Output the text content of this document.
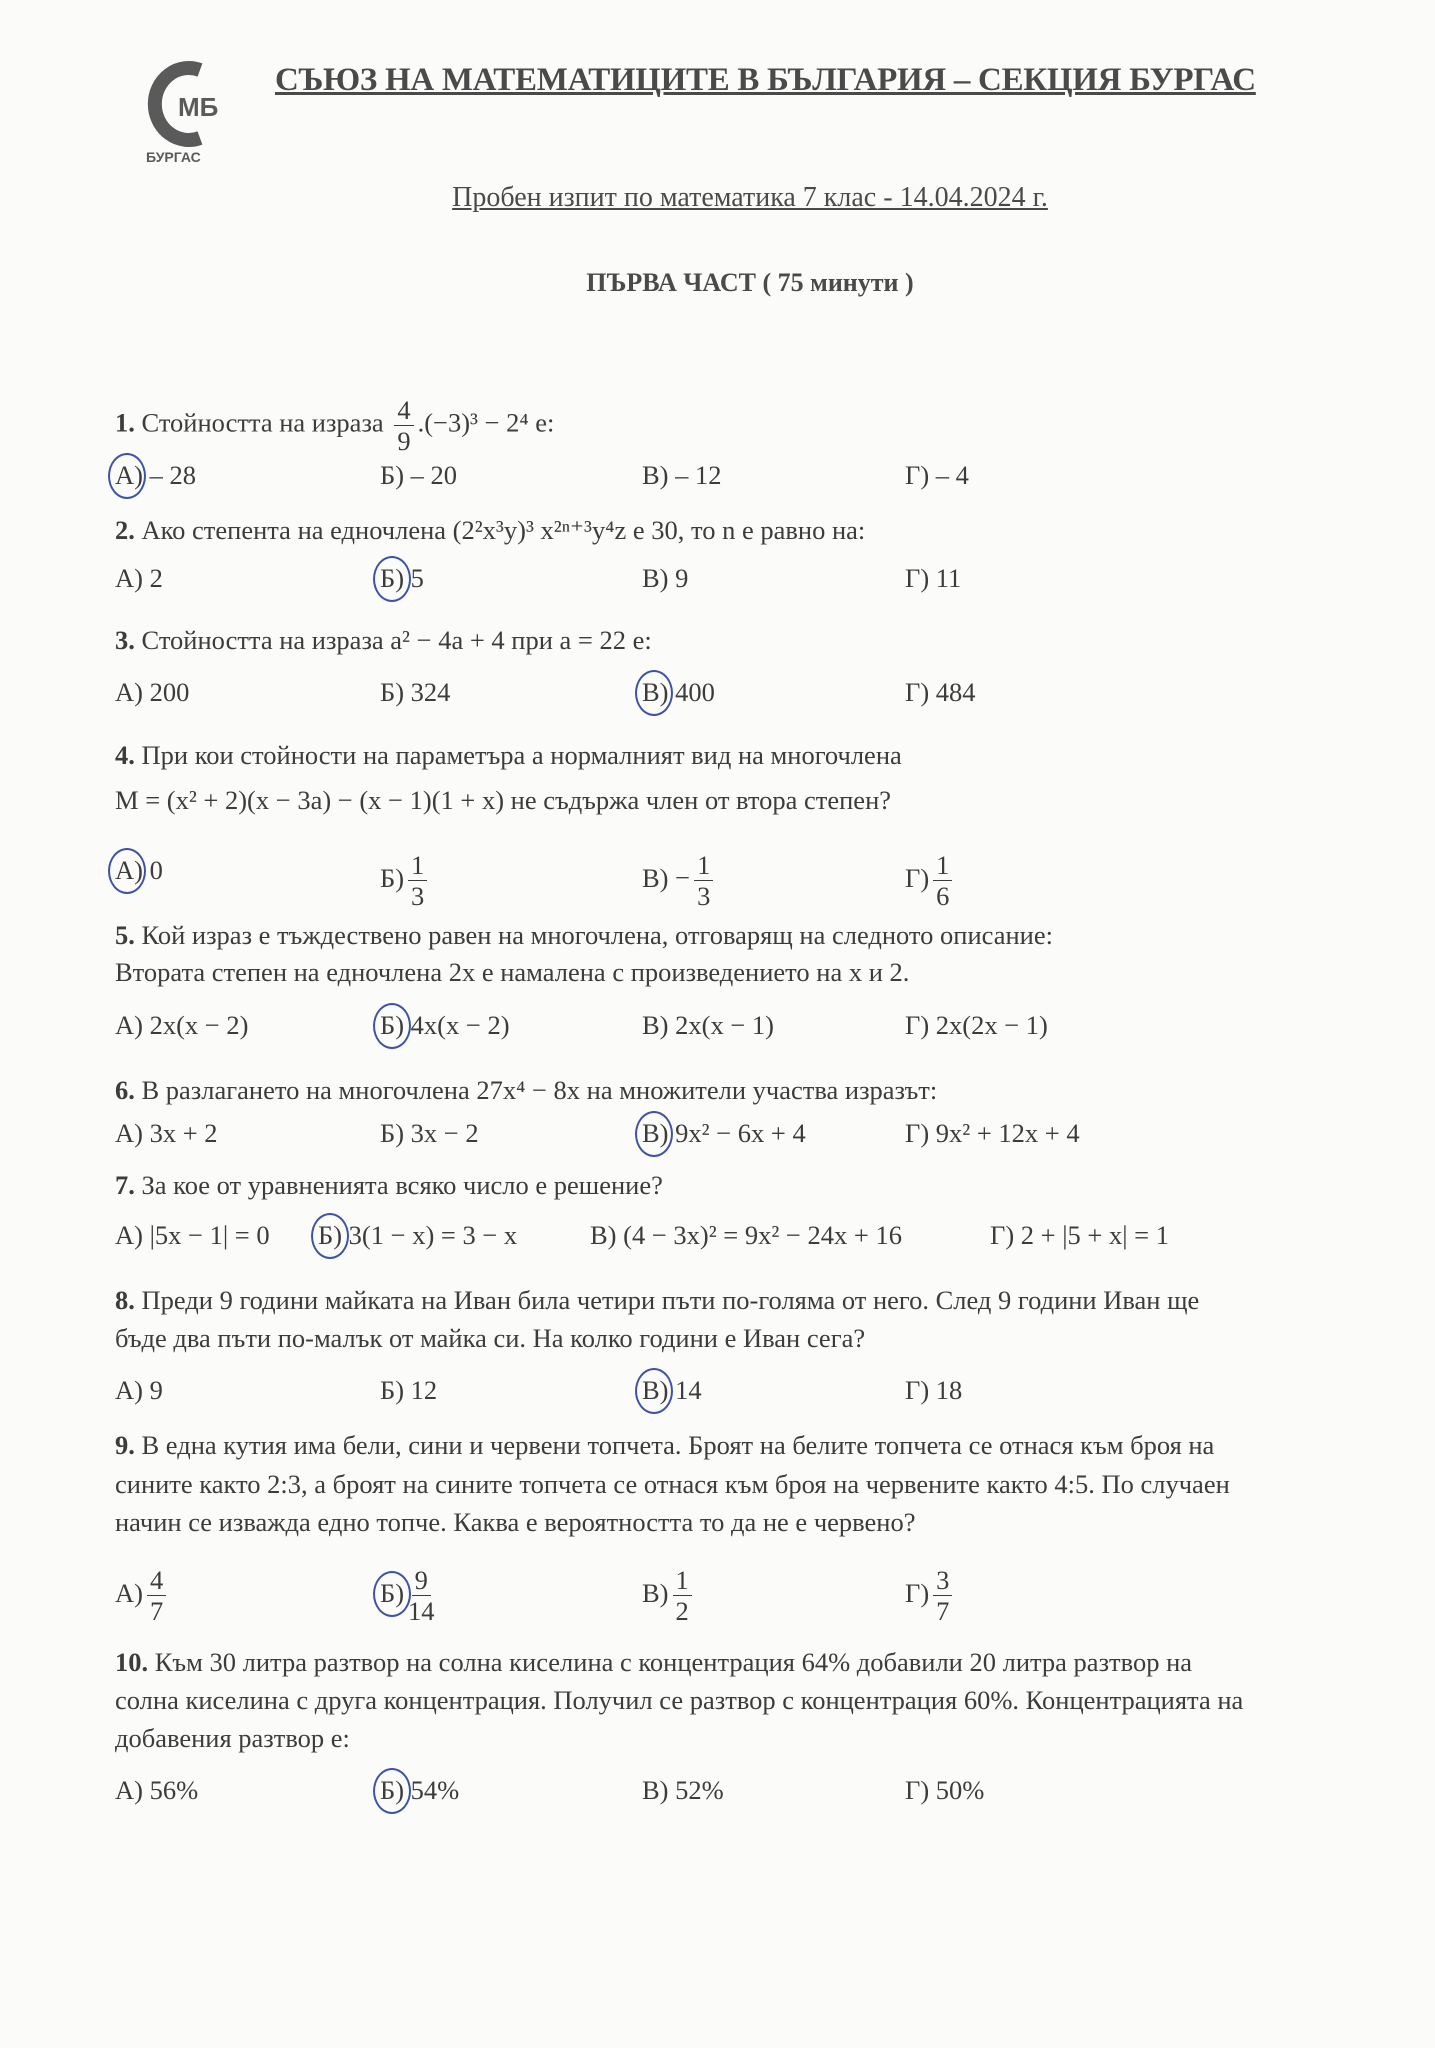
МБ
БУРГАС
СЪЮЗ НА МАТЕМАТИЦИТЕ В БЪЛГАРИЯ – СЕКЦИЯ БУРГАС
Пробен изпит по математика 7 клас - 14.04.2024 г.
ПЪРВА ЧАСТ ( 75 минути )
1. Стойността на израза $\frac{4}{9} .(-3)^3 - 2^4$ е:
А) – 28	Б) – 20	В) – 12	Г) – 4
2. Ако степента на едночлена (2²x³y)³ x²ⁿ⁺³y⁴z е 30, то n е равно на:
А) 2	Б) 5	В) 9	Г) 11
3. Стойността на израза a² − 4a + 4 при a = 22 е:
А) 200	Б) 324	В) 400	Г) 484
4. При кои стойности на параметъра a нормалният вид на многочлена
M = (x² + 2)(x − 3a) − (x − 1)(1 + x) не съдържа член от втора степен?
А) 0	$Б) \frac{1}{3}$	$В) - \frac{1}{3}$	$Г) \frac{1}{6}$
5. Кой израз е тъждествено равен на многочлена, отговарящ на следното описание:
Втората степен на едночлена 2x е намалена с произведението на x и 2.
А) 2x(x − 2)	Б) 4x(x − 2)	В) 2x(x − 1)	Г) 2x(2x − 1)
6. В разлагането на многочлена 27x⁴ − 8x на множители участва изразът:
А) 3x + 2	Б) 3x − 2	В) 9x² − 6x + 4	Г) 9x² + 12x + 4
7. За кое от уравненията всяко число е решение?
А) |5x − 1| = 0 Б) 3(1 − x) = 3 − x	В) (4 − 3x)² = 9x² − 24x + 16	Г) 2 + |5 + x| = 1
8. Преди 9 години майката на Иван била четири пъти по-голяма от него. След 9 години Иван ще
бъде два пъти по-малък от майка си. На колко години е Иван сега?
А) 9	Б) 12	В) 14	Г) 18
9. В една кутия има бели, сини и червени топчета. Броят на белите топчета се отнася към броя на
сините както 2:3, а броят на сините топчета се отнася към броя на червените както 4:5. По случаен
начин се изважда едно топче. Каква е вероятността то да не е червено?
$А) \frac{4}{7}$	$Б) \frac{9}{14}$	$В) \frac{1}{2}$	$Г) \frac{3}{7}$
10. Към 30 литра разтвор на солна киселина с концентрация 64% добавили 20 литра разтвор на
солна киселина с друга концентрация. Получил се разтвор с концентрация 60%. Концентрацията на
добавения разтвор е:
А) 56%	Б) 54%	В) 52%	Г) 50%
